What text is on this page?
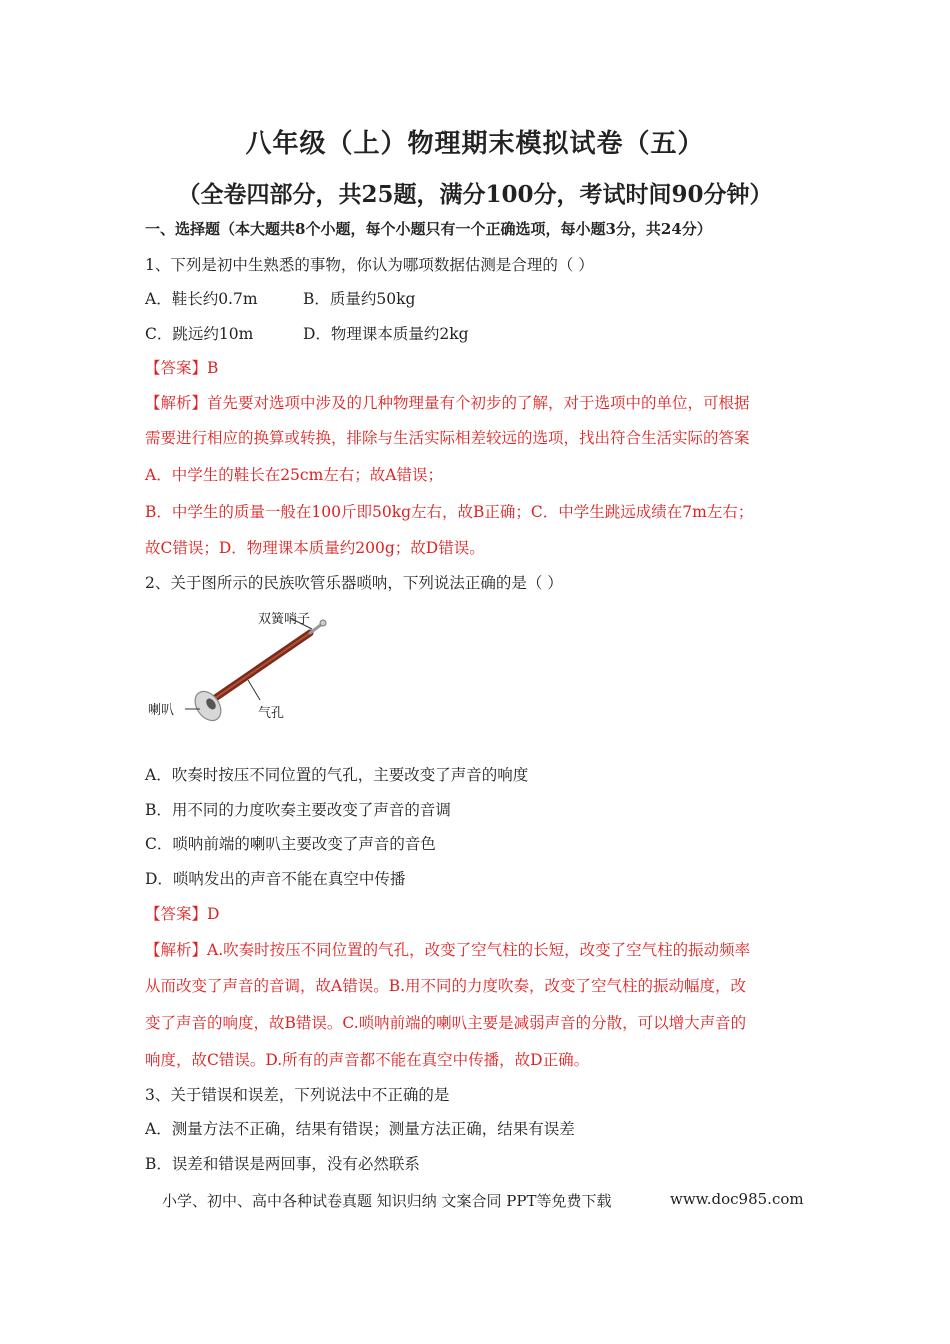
八年级（上）物理期末模拟试卷（五）
（全卷四部分，共25题，满分100分，考试时间90分钟）
一、选择题（本大题共8个小题，每个小题只有一个正确选项，每小题3分，共24分）
1、下列是初中生熟悉的事物，你认为哪项数据估测是合理的（ ）
A．鞋长约0.7m	B．质量约50kg
C．跳远约10m	D．物理课本质量约2kg
【答案】B
【解析】首先要对选项中涉及的几种物理量有个初步的了解，对于选项中的单位，可根据
需要进行相应的换算或转换，排除与生活实际相差较远的选项，找出符合生活实际的答案
A．中学生的鞋长在25cm左右；故A错误；
B．中学生的质量一般在100斤即50kg左右，故B正确；C．中学生跳远成绩在7m左右；
故C错误；D．物理课本质量约200g；故D错误。
2、关于图所示的民族吹管乐器唢呐，下列说法正确的是（ ）
双簧哨子
喇叭	气孔
A．吹奏时按压不同位置的气孔，主要改变了声音的响度
B．用不同的力度吹奏主要改变了声音的音调
C．唢呐前端的喇叭主要改变了声音的音色
D．唢呐发出的声音不能在真空中传播
【答案】D
【解析】A.吹奏时按压不同位置的气孔，改变了空气柱的长短，改变了空气柱的振动频率
从而改变了声音的音调，故A错误。B.用不同的力度吹奏，改变了空气柱的振动幅度，改
变了声音的响度，故B错误。C.唢呐前端的喇叭主要是减弱声音的分散，可以增大声音的
响度，故C错误。D.所有的声音都不能在真空中传播，故D正确。
3、关于错误和误差，下列说法中不正确的是
A．测量方法不正确，结果有错误；测量方法正确，结果有误差
B．误差和错误是两回事，没有必然联系
小学、初中、高中各种试卷真题 知识归纳 文案合同 PPT等免费下载	www.doc985.com
